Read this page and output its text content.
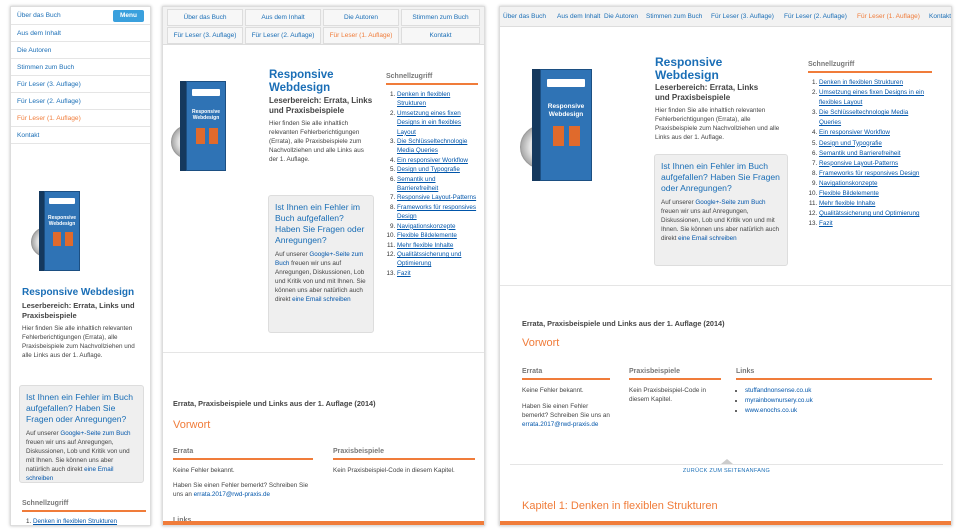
Über das Buch	Menu
Aus dem Inhalt
Die Autoren
Stimmen zum Buch
Für Leser (3. Auflage)
Für Leser (2. Auflage)
Für Leser (1. Auflage)
Kontakt
Responsive
Webdesign
Responsive Webdesign
Leserbereich: Errata, Links und Praxisbeispiele
Hier finden Sie alle inhaltlich relevanten Fehlerberichtigungen (Errata), alle Praxisbeispiele zum Nachvollziehen und alle Links aus der 1. Auflage.
Ist Ihnen ein Fehler im Buch aufgefallen? Haben Sie Fragen oder Anregungen?
Auf unserer Google+-Seite zum Buch freuen wir uns auf Anregungen, Diskussionen, Lob und Kritik von und mit Ihnen. Sie können uns aber natürlich auch direkt eine Email schreiben
Schnellzugriff
1. Denken in flexiblen Strukturen
Über das Buch	Aus dem Inhalt	Die Autoren	Stimmen zum Buch
Für Leser (3. Auflage)	Für Leser (2. Auflage)	Für Leser (1. Auflage)	Kontakt
Responsive
Webdesign
Responsive Webdesign
Leserbereich: Errata, Links und Praxisbeispiele
Hier finden Sie alle inhaltlich relevanten Fehlerberichtigungen (Errata), alle Praxisbeispiele zum Nachvollziehen und alle Links aus der 1. Auflage.
Ist Ihnen ein Fehler im Buch aufgefallen? Haben Sie Fragen oder Anregungen?
Auf unserer Google+-Seite zum Buch freuen wir uns auf Anregungen, Diskussionen, Lob und Kritik von und mit Ihnen. Sie können uns aber natürlich auch direkt eine Email schreiben
Schnellzugriff
1. Denken in flexiblen Strukturen
2. Umsetzung eines fixen Designs in ein flexibles Layout
3. Die Schlüsseltechnologie Media Queries
4. Ein responsiver Workflow
5. Design und Typografie
6. Semantik und Barrierefreiheit
7. Responsive Layout-Patterns
8. Frameworks für responsives Design
9. Navigationskonzepte
10. Flexible Bildelemente
11. Mehr flexible Inhalte
12. Qualitätssicherung und Optimierung
13. Fazit
Errata, Praxisbeispiele und Links aus der 1. Auflage (2014)
Vorwort
Errata
Keine Fehler bekannt.
Haben Sie einen Fehler bemerkt? Schreiben Sie uns an errata.2017@rwd-praxis.de
Praxisbeispiele
Kein Praxisbeispiel-Code in diesem Kapitel.
Über das Buch Aus dem Inhalt Die Autoren Stimmen zum Buch Für Leser (3. Auflage) Für Leser (2. Auflage) Für Leser (1. Auflage) Kontakt
Responsive
Webdesign
Responsive Webdesign
Leserbereich: Errata, Links und Praxisbeispiele
Hier finden Sie alle inhaltlich relevanten Fehlerberichtigungen (Errata), alle Praxisbeispiele zum Nachvollziehen und alle Links aus der 1. Auflage.
Ist Ihnen ein Fehler im Buch aufgefallen? Haben Sie Fragen oder Anregungen?
Auf unserer Google+-Seite zum Buch freuen wir uns auf Anregungen, Diskussionen, Lob und Kritik von und mit Ihnen. Sie können uns aber natürlich auch direkt eine Email schreiben
Schnellzugriff
1. Denken in flexiblen Strukturen
2. Umsetzung eines fixen Designs in ein flexibles Layout
3. Die Schlüsseltechnologie Media Queries
4. Ein responsiver Workflow
5. Design und Typografie
6. Semantik und Barrierefreiheit
7. Responsive Layout-Patterns
8. Frameworks für responsives Design
9. Navigationskonzepte
10. Flexible Bildelemente
11. Mehr flexible Inhalte
12. Qualitätssicherung und Optimierung
13. Fazit
Errata, Praxisbeispiele und Links aus der 1. Auflage (2014)
Vorwort
Errata
Keine Fehler bekannt.
Haben Sie einen Fehler bemerkt? Schreiben Sie uns an errata.2017@rwd-praxis.de
Praxisbeispiele
Kein Praxisbeispiel-Code in diesem Kapitel.
Links
• stuffandnonsense.co.uk
• myrainbownursery.co.uk
• www.enochs.co.uk
ZURÜCK ZUM SEITENANFANG
Kapitel 1: Denken in flexiblen Strukturen
